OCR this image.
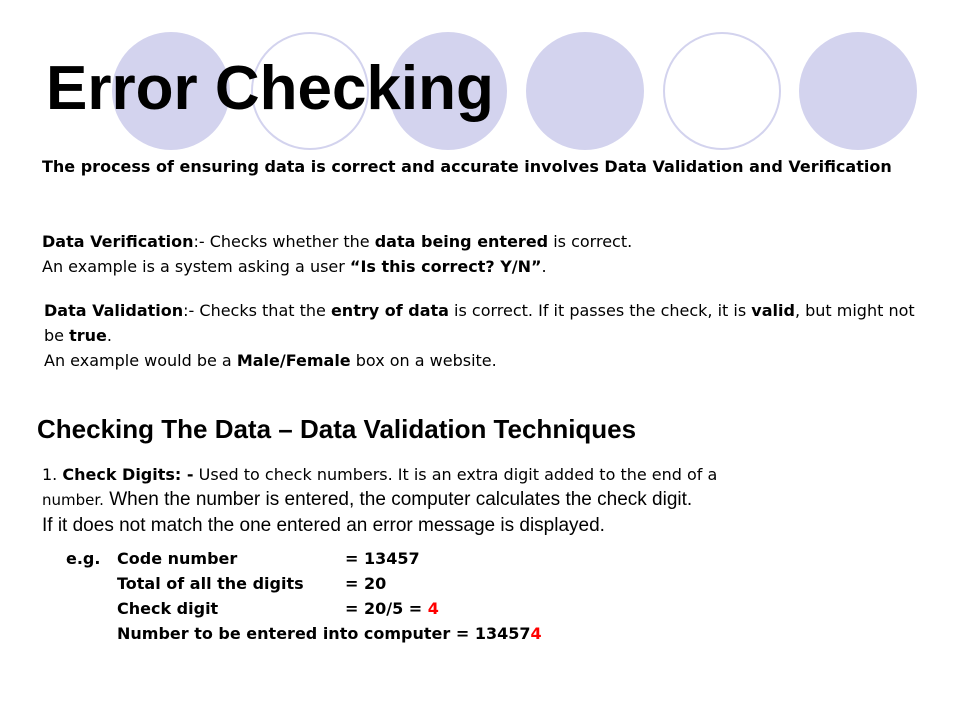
Error Checking

The process of ensuring data is correct and accurate involves Data Validation and Verification

Data Verification:- Checks whether the data being entered is correct.
An example is a system asking a user “Is this correct? Y/N”.
Data Validation:- Checks that the entry of data is correct. If it passes the check, it is valid, but might not be true.
An example would be a Male/Female box on a website.
Checking The Data – Data Validation Techniques
1. Check Digits: - Used to check numbers. It is an extra digit added to the end of a
number. When the number is entered, the computer calculates the check digit.
If it does not match the one entered an error message is displayed.
e.g. Code number	= 13457
Total of all the digits	= 20
Check digit	= 20/5 = 4
Number to be entered into computer = 134574
